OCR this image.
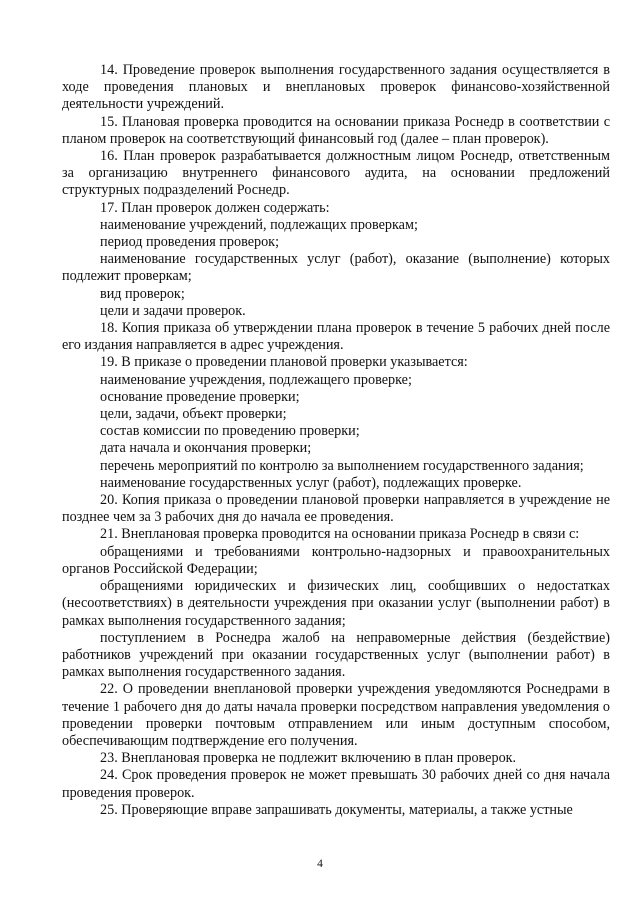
14. Проведение проверок выполнения государственного задания осуществляется в ходе проведения плановых и внеплановых проверок финансово-хозяйственной деятельности учреждений.

15. Плановая проверка проводится на основании приказа Роснедр в соответствии с планом проверок на соответствующий финансовый год (далее – план проверок).

16. План проверок разрабатывается должностным лицом Роснедр, ответственным за организацию внутреннего финансового аудита, на основании предложений структурных подразделений Роснедр.

17. План проверок должен содержать:

наименование учреждений, подлежащих проверкам;

период проведения проверок;

наименование государственных услуг (работ), оказание (выполнение) которых подлежит проверкам;

вид проверок;

цели и задачи проверок.

18. Копия приказа об утверждении плана проверок в течение 5 рабочих дней после его издания направляется в адрес учреждения.

19. В приказе о проведении плановой проверки указывается:

наименование учреждения, подлежащего проверке;

основание проведение проверки;

цели, задачи, объект проверки;

состав комиссии по проведению проверки;

дата начала и окончания проверки;

перечень мероприятий по контролю за выполнением государственного задания;

наименование государственных услуг (работ), подлежащих проверке.

20. Копия приказа о проведении плановой проверки направляется в учреждение не позднее чем за 3 рабочих дня до начала ее проведения.

21. Внеплановая проверка проводится на основании приказа Роснедр в связи с:

обращениями и требованиями контрольно-надзорных и правоохранительных органов Российской Федерации;

обращениями юридических и физических лиц, сообщивших о недостатках (несоответствиях) в деятельности учреждения при оказании услуг (выполнении работ) в рамках выполнения государственного задания;

поступлением в Роснедра жалоб на неправомерные действия (бездействие) работников учреждений при оказании государственных услуг (выполнении работ) в рамках выполнения государственного задания.

22. О проведении внеплановой проверки учреждения уведомляются Роснедрами в течение 1 рабочего дня до даты начала проверки посредством направления уведомления о проведении проверки почтовым отправлением или иным доступным способом, обеспечивающим подтверждение его получения.

23. Внеплановая проверка не подлежит включению в план проверок.

24. Срок проведения проверок не может превышать 30 рабочих дней со дня начала проведения проверок.

25. Проверяющие вправе запрашивать документы, материалы, а также устные

4
